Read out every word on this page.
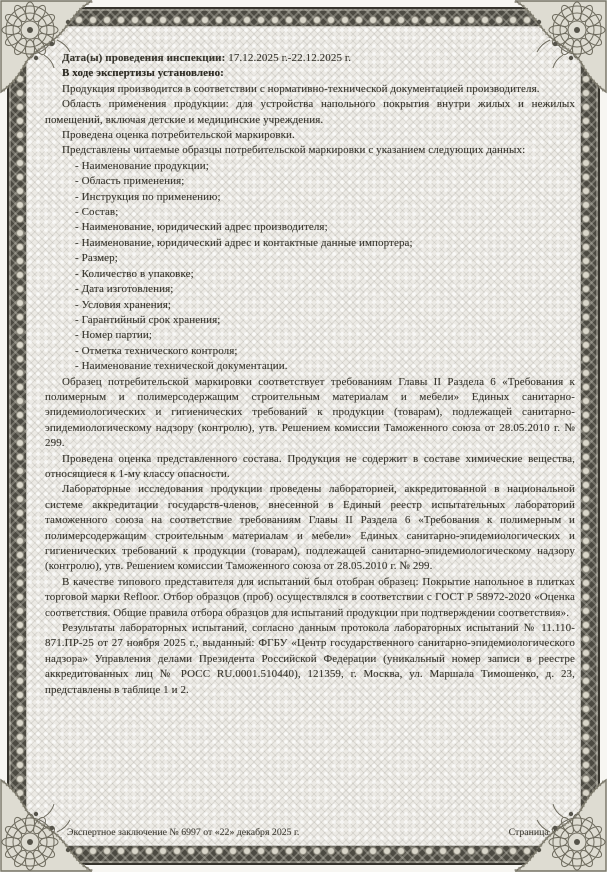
Дата(ы) проведения инспекции: 17.12.2025 г.-22.12.2025 г.

В ходе экспертизы установлено:

Продукция производится в соответствии с нормативно-технической документацией производителя.

Область применения продукции: для устройства напольного покрытия внутри жилых и нежилых помещений, включая детские и медицинские учреждения.

Проведена оценка потребительской маркировки.

Представлены читаемые образцы потребительской маркировки с указанием следующих данных:

- Наименование продукции;

- Область применения;

- Инструкция по применению;

- Состав;

- Наименование, юридический адрес производителя;

- Наименование, юридический адрес и контактные данные импортера;

- Размер;

- Количество в упаковке;

- Дата изготовления;

- Условия хранения;

- Гарантийный срок хранения;

- Номер партии;

- Отметка технического контроля;

- Наименование технической документации.

Образец потребительской маркировки соответствует требованиям Главы II Раздела 6 «Требования к полимерным и полимерсодержащим строительным материалам и мебели» Единых санитарно-эпидемиологических и гигиенических требований к продукции (товарам), подлежащей санитарно-эпидемиологическому надзору (контролю), утв. Решением комиссии Таможенного союза от 28.05.2010 г. № 299.

Проведена оценка представленного состава. Продукция не содержит в составе химические вещества, относящиеся к 1-му классу опасности.

Лабораторные исследования продукции проведены лабораторией, аккредитованной в национальной системе аккредитации государств-членов, внесенной в Единый реестр испытательных лабораторий таможенного союза на соответствие требованиям Главы II Раздела 6 «Требования к полимерным и полимерсодержащим строительным материалам и мебели» Единых санитарно-эпидемиологических и гигиенических требований к продукции (товарам), подлежащей санитарно-эпидемиологическому надзору (контролю), утв. Решением комиссии Таможенного союза от 28.05.2010 г. № 299.

В качестве типового представителя для испытаний был отобран образец: Покрытие напольное в плитках торговой марки Refloor. Отбор образцов (проб) осуществлялся в соответствии с ГОСТ Р 58972-2020 «Оценка соответствия. Общие правила отбора образцов для испытаний продукции при подтверждении соответствия».

Результаты лабораторных испытаний, согласно данным протокола лабораторных испытаний № 11.110-871.ПР-25 от 27 ноября 2025 г., выданный: ФГБУ «Центр государственного санитарно-эпидемиологического надзора» Управления делами Президента Российской Федерации (уникальный номер записи в реестре аккредитованных лиц № РОСС RU.0001.510440), 121359, г. Москва, ул. Маршала Тимошенко, д. 23, представлены в таблице 1 и 2.

Экспертное заключение № 6997 от «22» декабря 2025 г.	Страница
